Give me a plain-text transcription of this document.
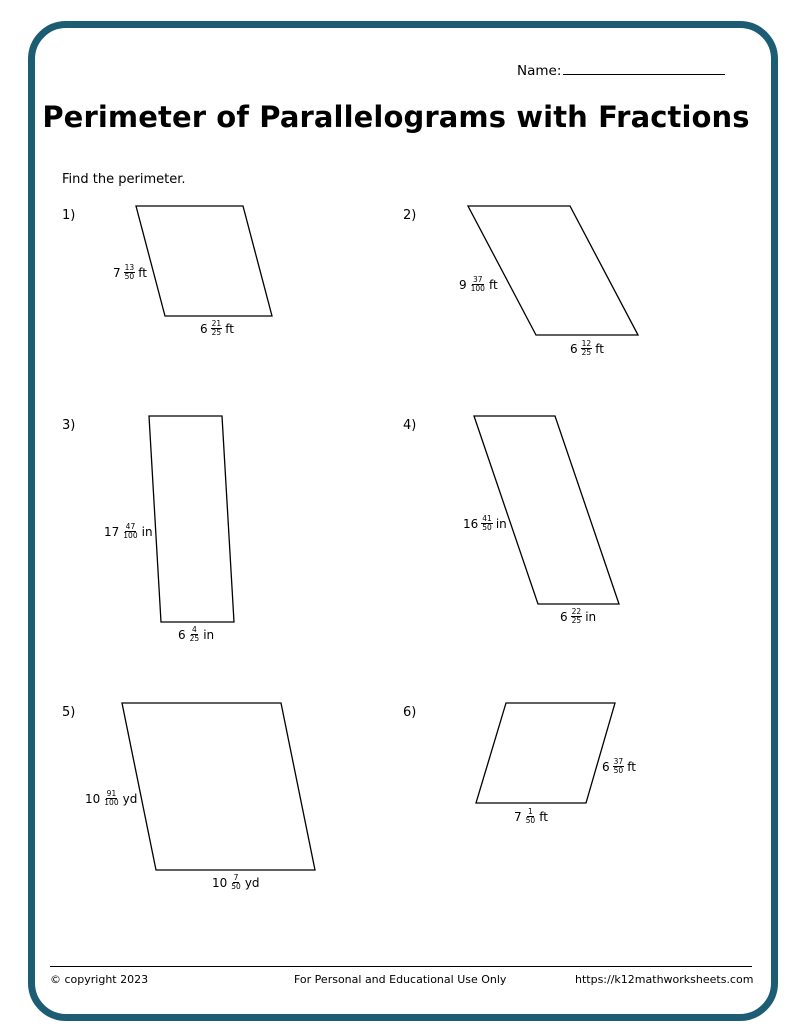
Name:
Perimeter of Parallelograms with Fractions
Find the perimeter.
1)
$7 \frac{13}{50}$ ft
$6 \frac{21}{25}$ ft
2)
$9 \frac{37}{100}$ ft
$6 \frac{12}{25}$ ft
3)
$17 \frac{47}{100}$ in
$6 \frac{4}{25}$ in
4)
$16 \frac{41}{50}$ in
$6 \frac{22}{25}$ in
5)
$10 \frac{91}{100}$ yd
$10 \frac{7}{50}$ yd
6)
$6 \frac{37}{50}$ ft
$7 \frac{1}{50}$ ft
© copyright 2023	For Personal and Educational Use Only	https://k12mathworksheets.com
